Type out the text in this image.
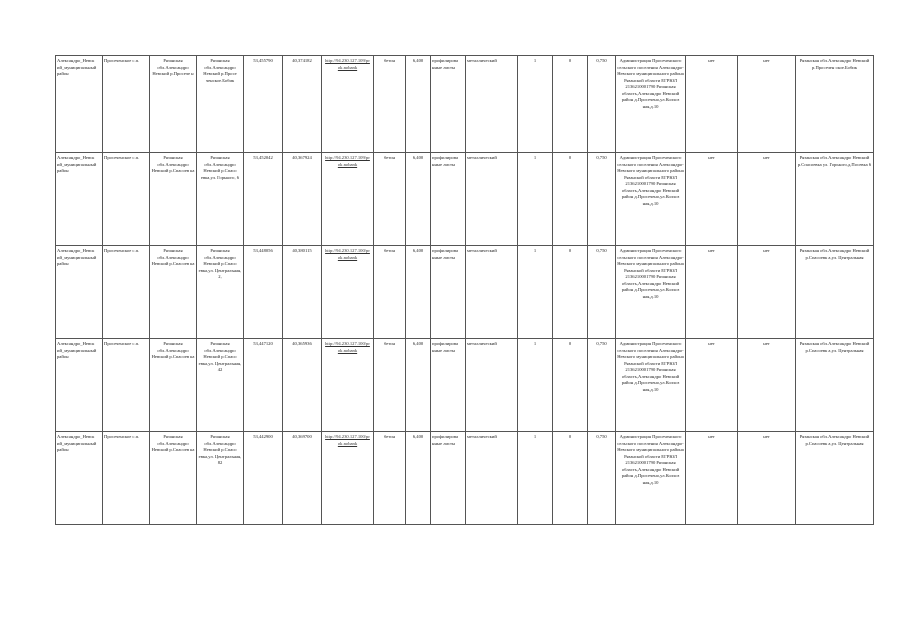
Александро_Невск ий_муниципальный район	Просеченское с.п.	Рязанская обл.Александро Невский р.Просече н	Рязанская обл.Александро Невский р.Просе ченское.Бобик	53,455790	40,374182	http://94.230.127.109/pr ok.nobank	бетон	6,400	профилирова нные листы	металлический	1	0	0,750	Администрация Просеченского сельского поселения Александро-Невского муниципального района Рязанской области ЕГРЮЛ 2136210001790 Рязанская область,Александро Невский район д.Просечено,ул.Колхоз ная,д.10	нет	нет	Рязанская обл.Александро Невский р.Просечен ское.Бобик
Александро_Невск ий_муниципальный район	Просеченское с.п.	Рязанская обл.Александро Невский р.Спасоев ка	Рязанская обл.Александро Невский р.Спасо евка,ул. Горького, 6	53,452042	40,367924	http://94.230.127.109/pr ok.nobank	бетон	6,400	профилирова нные листы	металлический	1	0	0,750	Администрация Просеченского сельского поселения Александро-Невского муниципального района Рязанской области ЕГРЮЛ 2136210001790 Рязанская область,Александро Невский район д.Просечено,ул.Колхоз ная,д.10	нет	нет	Рязанская обл.Александро Невский р.Спасоевка ул. Горького,д.Посевка 6
Александро_Невск ий_муниципальный район	Просеченское с.п.	Рязанская обл.Александро Невский р.Спасоев ка	Рязанская обл.Александро Невский р.Спасо евка,ул. Центральная, 2,	53,448056	40,380115	http://94.230.127.100/pr ok.nobank	бетон	6,400	профилирова нные листы	металлический	1	0	0,750	Администрация Просеченского сельского поселения Александро-Невского муниципального района Рязанской области ЕГРЮЛ 2136210001790 Рязанская область,Александро Невский район д.Просечено,ул.Колхоз ная,д.10	нет	нет	Рязанская обл.Александро Невский р.Спасоевк а,ул. Центральная
Александро_Невск ий_муниципальный район	Просеченское с.п.	Рязанская обл.Александро Невский р.Спасоев ка	Рязанская обл.Александро Невский р.Спасо евка,ул. Центральная, 42	53,447120	40,365936	http://94.230.127.100/pr ok.nobank	бетон	6,400	профилирова нные листы	металлический	1	0	0,750	Администрация Просеченского сельского поселения Александро-Невского муниципального района Рязанской области ЕГРЮЛ 2136210001790 Рязанская область,Александро Невский район д.Просечено,ул.Колхоз ная,д.10	нет	нет	Рязанская обл.Александро Невский р.Спасоевк а,ул. Центральная
Александро_Невск ий_муниципальный район	Просеченское с.п.	Рязанская обл.Александро Невский р.Спасоев ка	Рязанская обл.Александро Невский р.Спасо евка,ул. Центральная, 82	53,442900	40,369700	http://94.230.127.100/pr ok.nobank	бетон	6,400	профилирова нные листы	металлический	1	0	0,750	Администрация Просеченского сельского поселения Александро-Невского муниципального района Рязанской области ЕГРЮЛ 2136210001790 Рязанская область,Александро Невский район д.Просечено,ул.Колхоз ная,д.10	нет	нет	Рязанская обл.Александро Невский р.Спасоевк а,ул. Центральная
